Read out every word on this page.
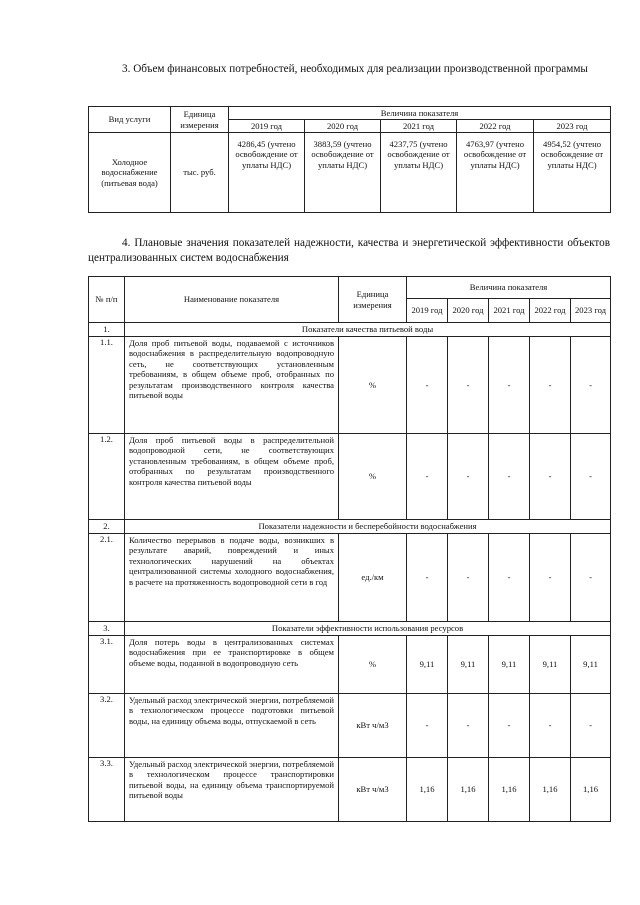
3. Объем финансовых потребностей, необходимых для реализации производственной программы

Вид услуги	Единица измерения	Величина показателя				
		2019 год	2020 год	2021 год	2022 год	2023 год
Холодное водоснабжение (питьевая вода)	тыс. руб.	4286,45 (учтено освобождение от уплаты НДС)	3883,59 (учтено освобождение от уплаты НДС)	4237,75 (учтено освобождение от уплаты НДС)	4763,97 (учтено освобождение от уплаты НДС)	4954,52 (учтено освобождение от уплаты НДС)

4. Плановые значения показателей надежности, качества и энергетической эффективности объектов централизованных систем водоснабжения

№ п/п	Наименование показателя	Единица измерения	Величина показателя				
			2019 год	2020 год	2021 год	2022 год	2023 год
1.	Показатели качества питьевой воды						
1.1.	Доля проб питьевой воды, подаваемой с источников водоснабжения в распределительную водопроводную сеть, не соответствующих установленным требованиям, в общем объеме проб, отобранных по результатам производственного контроля качества питьевой воды	%	-	-	-	-	-
1.2.	Доля проб питьевой воды в распределительной водопроводной сети, не соответствующих установленным требованиям, в общем объеме проб, отобранных по результатам производственного контроля качества питьевой воды	%	-	-	-	-	-
2.	Показатели надежности и бесперебойности водоснабжения						
2.1.	Количество перерывов в подаче воды, возникших в результате аварий, повреждений и иных технологических нарушений на объектах централизованной системы холодного водоснабжения, в расчете на протяженность водопроводной сети в год	ед./км	-	-	-	-	-
3.	Показатели эффективности использования ресурсов						
3.1.	Доля потерь воды в централизованных системах водоснабжения при ее транспортировке в общем объеме воды, поданной в водопроводную сеть	%	9,11	9,11	9,11	9,11	9,11
3.2.	Удельный расход электрической энергии, потребляемой в технологическом процессе подготовки питьевой воды, на единицу объема воды, отпускаемой в сеть	кВт ч/м3	-	-	-	-	-
3.3.	Удельный расход электрической энергии, потребляемой в технологическом процессе транспортировки питьевой воды, на единицу объема транспортируемой питьевой воды	кВт ч/м3	1,16	1,16	1,16	1,16	1,16
